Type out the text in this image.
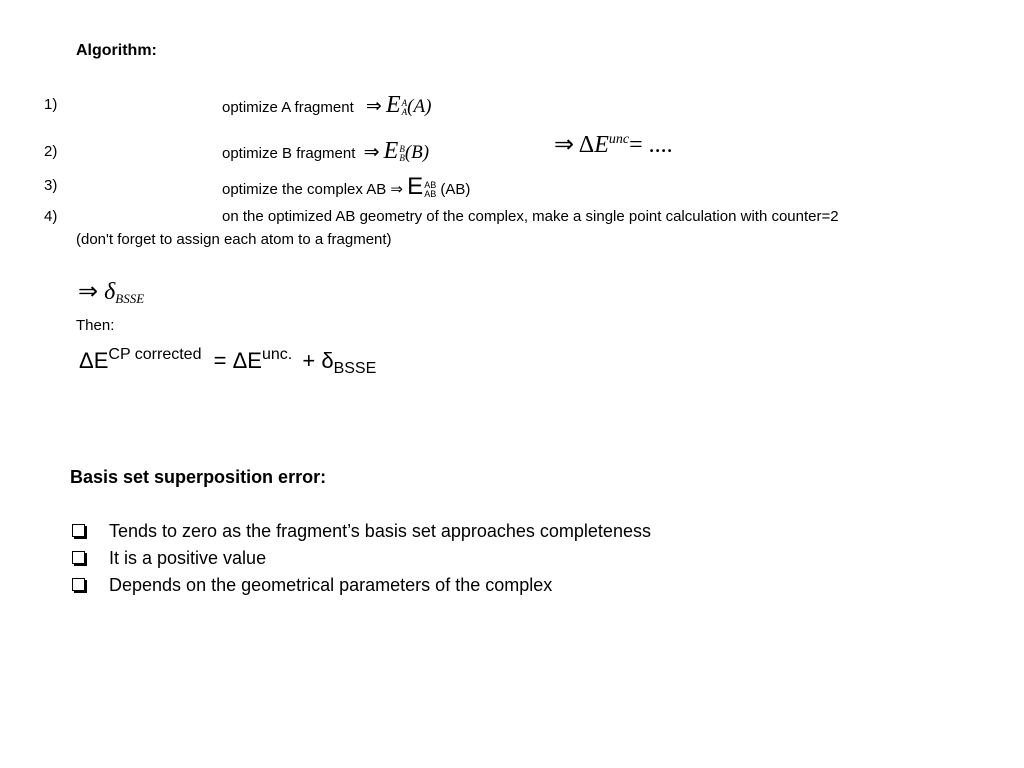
Algorithm:
1)
2)
3)
4)
optimize A fragment ⇒ E A
A (A)
optimize B fragment ⇒ E B
B (B)	⇒ $\Delta E^{unc}=$ ....
optimize the complex AB ⇒ E AB
AB (AB)
on the optimized AB geometry of the complex, make a single point calculation with counter=2
(don't forget to assign each atom to a fragment)
⇒ $\delta_{BSSE}$
Then:
$\Delta E^{CP corrected} = \Delta E^{unc.} + \delta_{BSSE}$
Basis set superposition error:
Tends to zero as the fragment’s basis set approaches completeness
It is a positive value
Depends on the geometrical parameters of the complex
